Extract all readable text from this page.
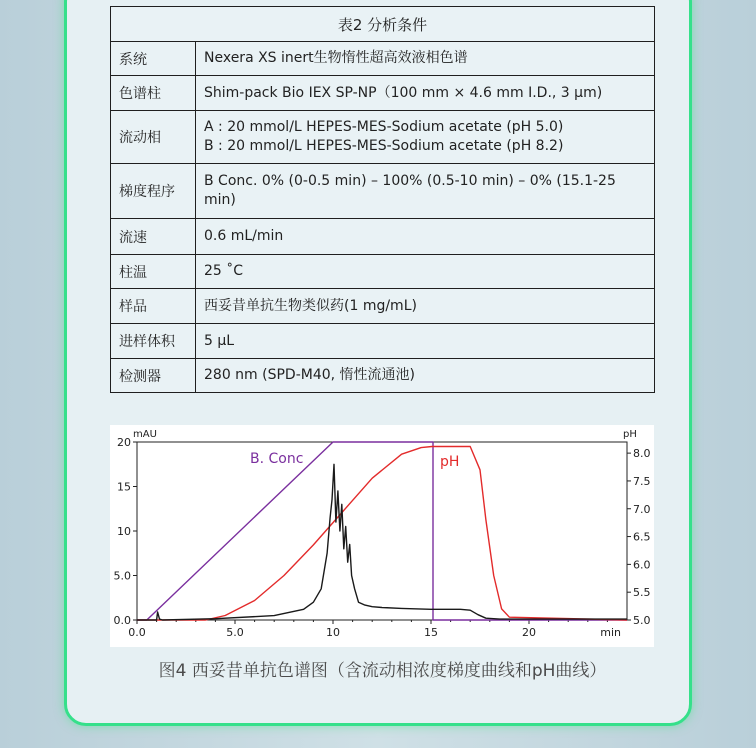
表2 分析条件	
系统	Nexera XS inert生物惰性超高效液相色谱

色谱柱	Shim-pack Bio IEX SP-NP（100 mm × 4.6 mm I.D., 3 µm)

流动相	A : 20 mmol/L HEPES-MES-Sodium acetate (pH 5.0)
B : 20 mmol/L HEPES-MES-Sodium acetate (pH 8.2)

梯度程序	B Conc. 0% (0-0.5 min) – 100% (0.5-10 min) – 0% (15.1-25 min)

流速	0.6 mL/min

柱温	25 ˚C

样品	西妥昔单抗生物类似药(1 mg/mL)

进样体积	5 µL

检测器	280 nm (SPD-M40, 惰性流通池)
0.0	5.0	10	15	20	min
0.0
5.0
10
15
20
mAU
5.0
5.5
6.0
6.5
7.0
7.5
8.0
pH
B. Conc	pH
图4 西妥昔单抗色谱图（含流动相浓度梯度曲线和pH曲线）
